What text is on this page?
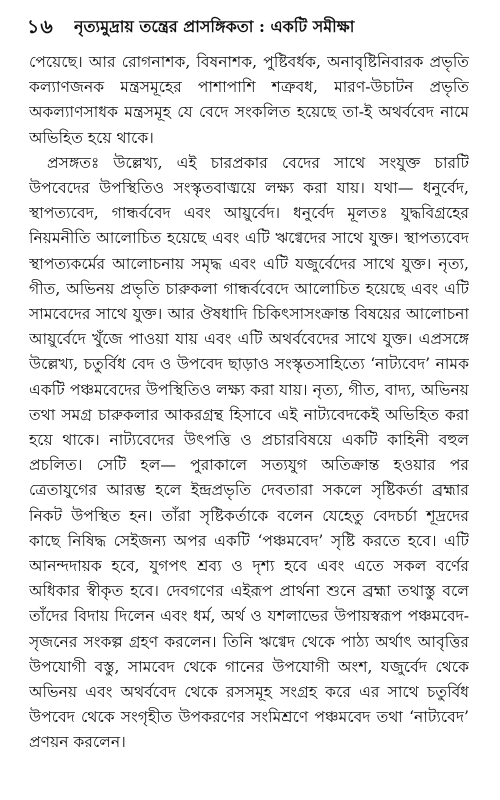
১৬ নৃত্যমুদ্রায় তন্ত্রের প্রাসঙ্গিকতা : একটি সমীক্ষা

পেয়েছে। আর রোগনাশক, বিষনাশক, পুষ্টিবর্ধক, অনাবৃষ্টিনিবারক প্রভৃতি কল্যাণজনক মন্ত্রসমূহের পাশাপাশি শত্রুবধ, মারণ-উচাটন প্রভৃতি অকল্যাণসাধক মন্ত্রসমূহ যে বেদে সংকলিত হয়েছে তা-ই অথর্ববেদ নামে অভিহিত হয়ে থাকে।

প্রসঙ্গতঃ উল্লেখ্য, এই চারপ্রকার বেদের সাথে সংযুক্ত চারটি উপবেদের উপস্থিতিও সংস্কৃতবাঙ্ময়ে লক্ষ্য করা যায়। যথা— ধনুর্বেদ, স্থাপত্যবেদ, গান্ধর্ববেদ এবং আয়ুর্বেদ। ধনুর্বেদ মূলতঃ যুদ্ধবিগ্রহের নিয়মনীতি আলোচিত হয়েছে এবং এটি ঋগ্বেদের সাথে যুক্ত। স্থাপত্যবেদ স্থাপত্যকর্মের আলোচনায় সমৃদ্ধ এবং এটি যজুর্বেদের সাথে যুক্ত। নৃত্য, গীত, অভিনয় প্রভৃতি চারুকলা গান্ধর্ববেদে আলোচিত হয়েছে এবং এটি সামবেদের সাথে যুক্ত। আর ঔষধাদি চিকিৎসাসংক্রান্ত বিষয়ের আলোচনা আয়ুর্বেদে খুঁজে পাওয়া যায় এবং এটি অথর্ববেদের সাথে যুক্ত। এপ্রসঙ্গে উল্লেখ্য, চতুর্বিধ বেদ ও উপবেদ ছাড়াও সংস্কৃতসাহিত্যে ‘নাট্যবেদ’ নামক একটি পঞ্চমবেদের উপস্থিতিও লক্ষ্য করা যায়। নৃত্য, গীত, বাদ্য, অভিনয় তথা সমগ্র চারুকলার আকরগ্রন্থ হিসাবে এই নাট্যবেদকেই অভিহিত করা হয়ে থাকে। নাট্যবেদের উৎপত্তি ও প্রচারবিষয়ে একটি কাহিনী বহুল প্রচলিত। সেটি হল— পুরাকালে সত্যযুগ অতিক্রান্ত হওয়ার পর ত্রেতাযুগের আরম্ভ হলে ইন্দ্রপ্রভৃতি দেবতারা সকলে সৃষ্টিকর্তা ব্রহ্মার নিকট উপস্থিত হন। তাঁরা সৃষ্টিকর্তাকে বলেন যেহেতু বেদচর্চা শূদ্রদের কাছে নিষিদ্ধ সেইজন্য অপর একটি ‘পঞ্চমবেদ’ সৃষ্টি করতে হবে। এটি আনন্দদায়ক হবে, যুগপৎ শ্রব্য ও দৃশ্য হবে এবং এতে সকল বর্ণের অধিকার স্বীকৃত হবে। দেবগণের এইরূপ প্রার্থনা শুনে ব্রহ্মা তথাস্তু বলে তাঁদের বিদায় দিলেন এবং ধর্ম, অর্থ ও যশলাভের উপায়স্বরূপ পঞ্চমবেদ-সৃজনের সংকল্প গ্রহণ করলেন। তিনি ঋগ্বেদ থেকে পাঠ্য অর্থাৎ আবৃত্তির উপযোগী বস্তু, সামবেদ থেকে গানের উপযোগী অংশ, যজুর্বেদ থেকে অভিনয় এবং অথর্ববেদ থেকে রসসমূহ সংগ্রহ করে এর সাথে চতুর্বিধ উপবেদ থেকে সংগৃহীত উপকরণের সংমিশ্রণে পঞ্চমবেদ তথা ‘নাট্যবেদ’ প্রণয়ন করলেন।
